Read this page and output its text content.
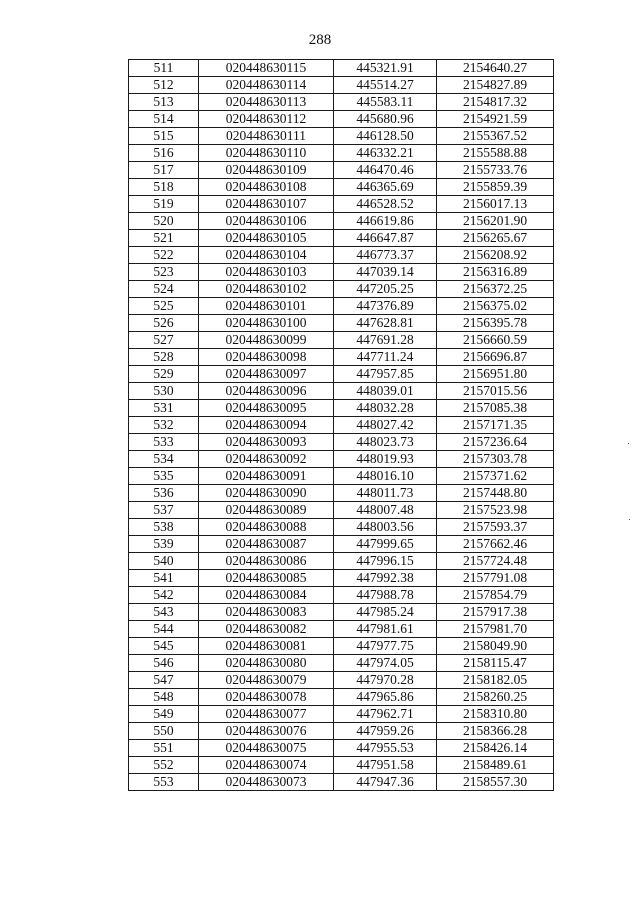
288
511	020448630115	445321.91	2154640.27
512	020448630114	445514.27	2154827.89
513	020448630113	445583.11	2154817.32
514	020448630112	445680.96	2154921.59
515	020448630111	446128.50	2155367.52
516	020448630110	446332.21	2155588.88
517	020448630109	446470.46	2155733.76
518	020448630108	446365.69	2155859.39
519	020448630107	446528.52	2156017.13
520	020448630106	446619.86	2156201.90
521	020448630105	446647.87	2156265.67
522	020448630104	446773.37	2156208.92
523	020448630103	447039.14	2156316.89
524	020448630102	447205.25	2156372.25
525	020448630101	447376.89	2156375.02
526	020448630100	447628.81	2156395.78
527	020448630099	447691.28	2156660.59
528	020448630098	447711.24	2156696.87
529	020448630097	447957.85	2156951.80
530	020448630096	448039.01	2157015.56
531	020448630095	448032.28	2157085.38
532	020448630094	448027.42	2157171.35
533	020448630093	448023.73	2157236.64
534	020448630092	448019.93	2157303.78
535	020448630091	448016.10	2157371.62
536	020448630090	448011.73	2157448.80
537	020448630089	448007.48	2157523.98
538	020448630088	448003.56	2157593.37
539	020448630087	447999.65	2157662.46
540	020448630086	447996.15	2157724.48
541	020448630085	447992.38	2157791.08
542	020448630084	447988.78	2157854.79
543	020448630083	447985.24	2157917.38
544	020448630082	447981.61	2157981.70
545	020448630081	447977.75	2158049.90
546	020448630080	447974.05	2158115.47
547	020448630079	447970.28	2158182.05
548	020448630078	447965.86	2158260.25
549	020448630077	447962.71	2158310.80
550	020448630076	447959.26	2158366.28
551	020448630075	447955.53	2158426.14
552	020448630074	447951.58	2158489.61
553	020448630073	447947.36	2158557.30
